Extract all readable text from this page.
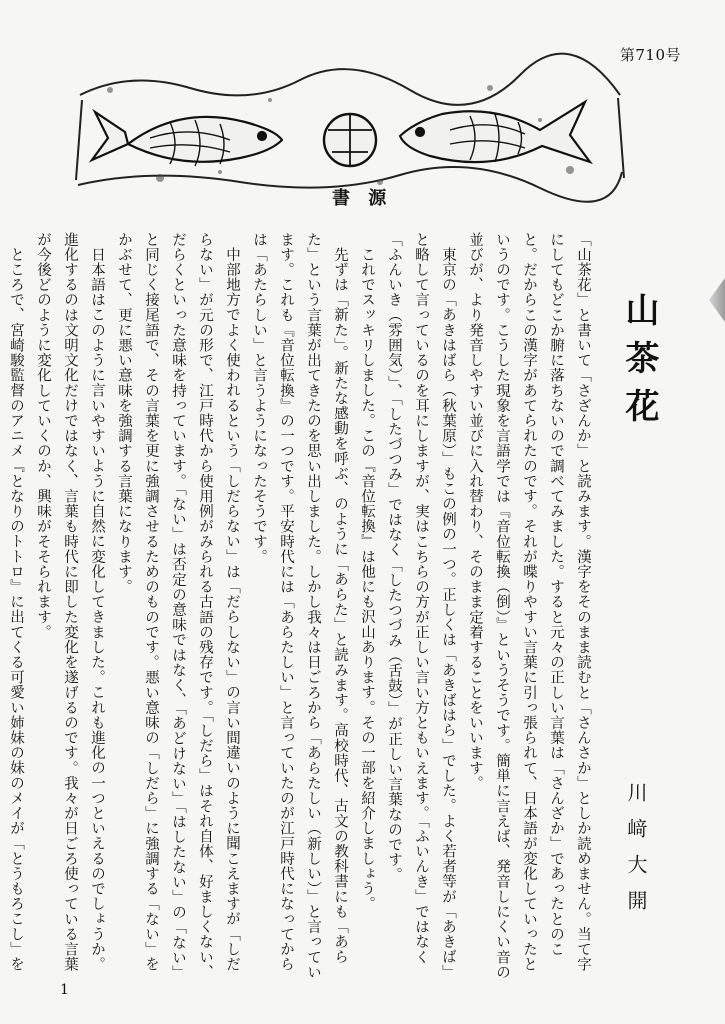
第710号
書 源
山茶花

「山茶花」と書いて「さざんか」と読みます。漢字をそのまま読むと「さんさか」としか読めません。当て字にしてもどこか腑に落ちないので調べてみました。すると元々の正しい言葉は「さんざか」であったとのこと。だからこの漢字があてられたのです。それが喋りやすい言葉に引っ張られて、日本語が変化していったというのです。こうした現象を言語学では『音位転換（倒）』というそうです。簡単に言えば、発音しにくい音の並びが、より発音しやすい並びに入れ替わり、そのまま定着することをいいます。

東京の「あきはばら（秋葉原）」もこの例の一つ。正しくは「あきばはら」でした。よく若者等が「あきば」と略して言っているのを耳にしますが、実はこちらの方が正しい言い方ともいえます。「ふいんき」ではなく「ふんいき（雰囲気）」、「したづつみ」ではなく「したつづみ（舌鼓）」が正しい言葉なのです。

これでスッキリしました。この『音位転換』は他にも沢山あります。その一部を紹介しましょう。

先ずは「新た」。新たな感動を呼ぶ、のように「あらた」と読みます。高校時代、古文の教科書にも「あらた」という言葉が出てきたのを思い出しました。しかし我々は日ごろから「あらたしい（新しい）」と言っています。これも『音位転換』の一つです。平安時代には「あらたしい」と言っていたのが江戸時代になってからは「あたらしい」と言うようになったそうです。

中部地方でよく使われるという「しだらない」は「だらしない」の言い間違いのように聞こえますが「しだらない」が元の形で、江戸時代から使用例がみられる古語の残存です。「しだら」はそれ自体、好ましくない、だらくといった意味を持っています。「ない」は否定の意味ではなく、「あどけない」「はしたない」の「ない」と同じく接尾語で、その言葉を更に強調させるためのものです。悪い意味の「しだら」に強調する「ない」をかぶせて、更に悪い意味を強調する言葉になります。

日本語はこのように言いやすいように自然に変化してきました。これも進化の一つといえるのでしょうか。進化するのは文明文化だけではなく、言葉も時代に即した変化を遂げるのです。我々が日ごろ使っている言葉が今後どのように変化していくのか、興味がそそられます。

ところで、宮崎駿監督のアニメ『となりのトトロ』に出てくる可愛い姉妹の妹のメイが「とうもろこし」を

川﨑大開
1
